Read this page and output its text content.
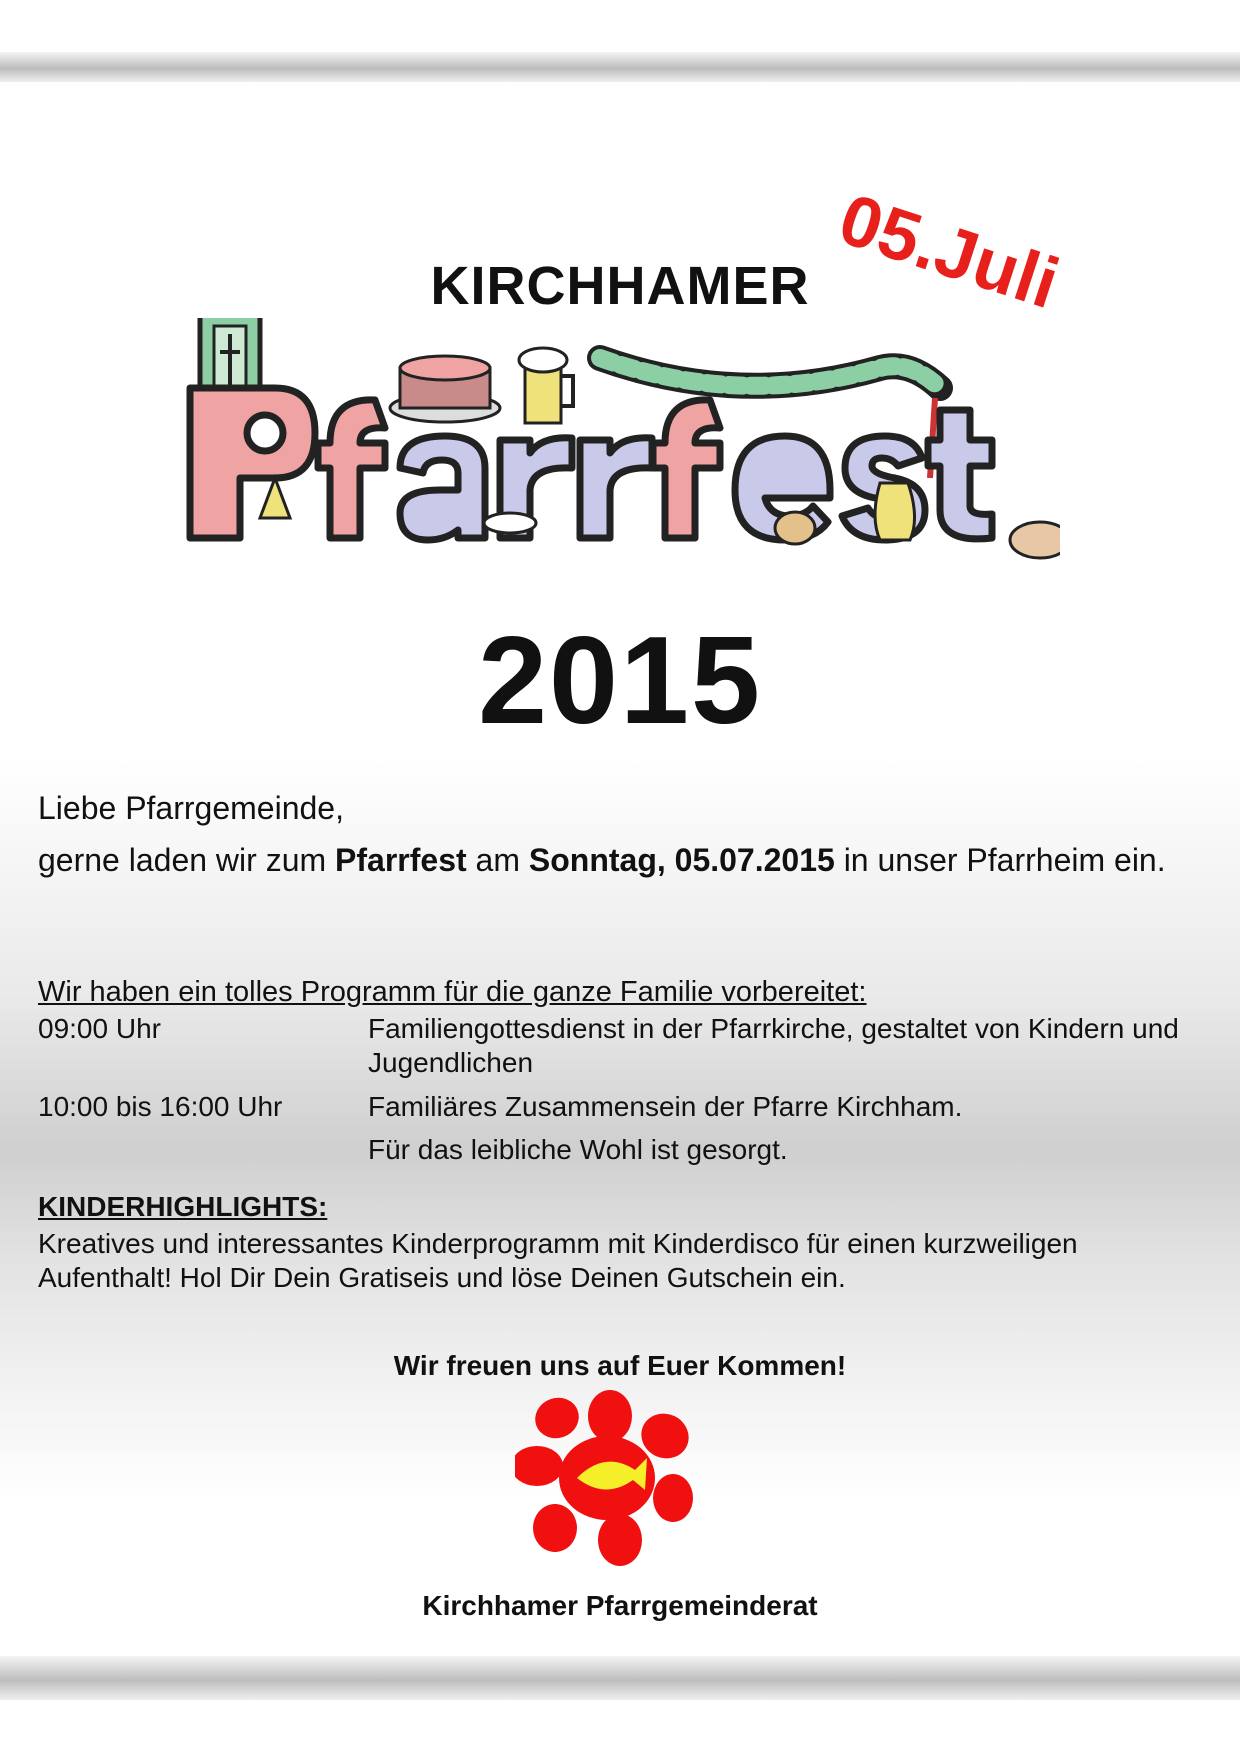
KIRCHHAMER 05.Juli
2015
Liebe Pfarrgemeinde,
gerne laden wir zum Pfarrfest am Sonntag, 05.07.2015 in unser Pfarrheim ein.
Wir haben ein tolles Programm für die ganze Familie vorbereitet:
09:00 Uhr	Familiengottesdienst in der Pfarrkirche, gestaltet von Kindern und Jugendlichen
10:00 bis 16:00 Uhr	Familiäres Zusammensein der Pfarre Kirchham.
Für das leibliche Wohl ist gesorgt.
KINDERHIGHLIGHTS:
Kreatives und interessantes Kinderprogramm mit Kinderdisco für einen kurzweiligen Aufenthalt! Hol Dir Dein Gratiseis und löse Deinen Gutschein ein.
Wir freuen uns auf Euer Kommen!
Kirchhamer Pfarrgemeinderat
